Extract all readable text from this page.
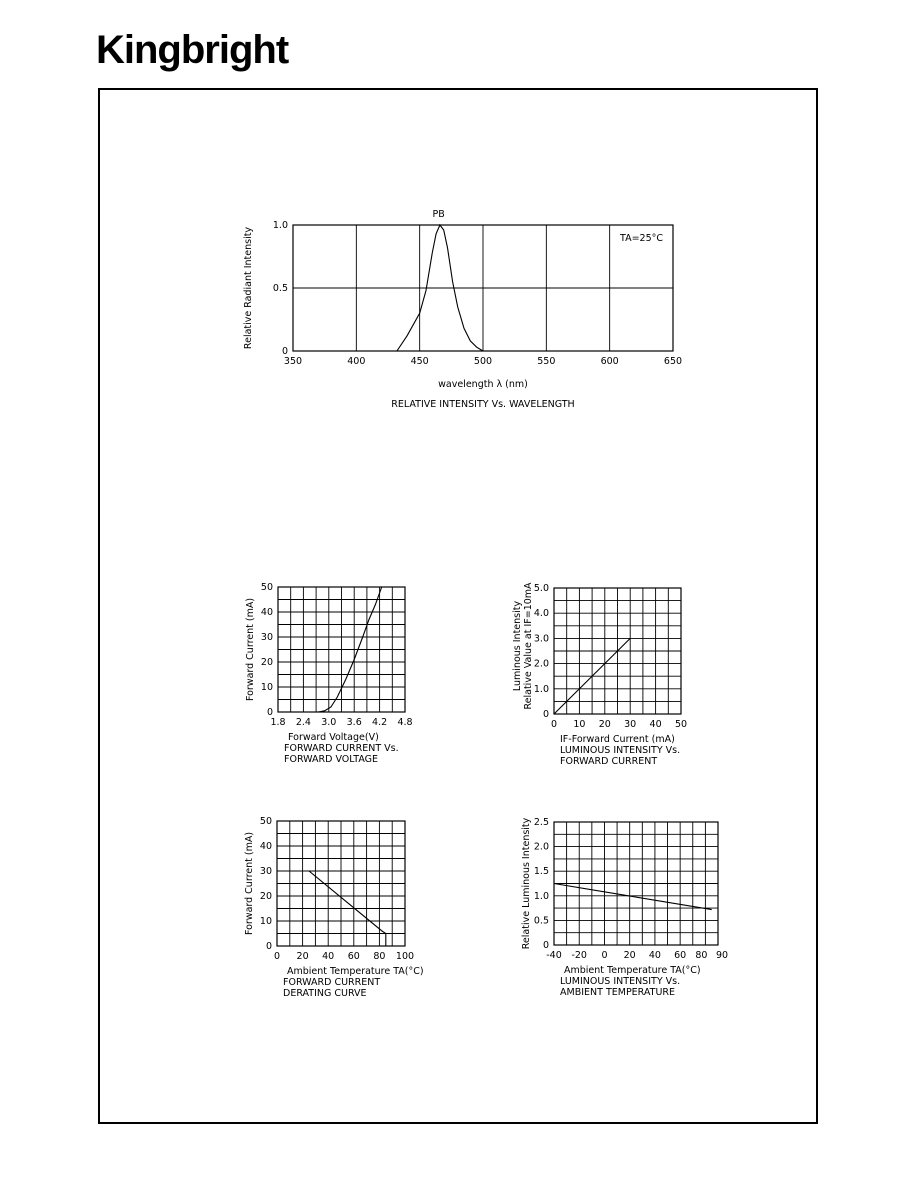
Kingbright
350	400	450	500	550	600	650
0
0.5
1.0
wavelength λ (nm)
RELATIVE INTENSITY Vs. WAVELENGTH
Relative Radiant Intensity
PB
TA=25°C
1.8 2.4 3.0 3.6 4.2 4.8
0
10
20
30
40
50
Forward Voltage(V)
FORWARD CURRENT Vs.
FORWARD VOLTAGE
Forward Current (mA)
0 10 20 30 40 50
0
1.0
2.0
3.0
4.0
5.0
IF-Forward Current (mA)
LUMINOUS INTENSITY Vs.
FORWARD CURRENT
Luminous Intensity Relative Value at IF=10mA
0 20 40 60 80 100
0
10
20
30
40
50
Ambient Temperature TA(°C)
FORWARD CURRENT
DERATING CURVE
Forward Current (mA)
-40 -20 0 20 40 60 80 90
0
0.5
1.0
1.5
2.0
2.5
Ambient Temperature TA(°C)
LUMINOUS INTENSITY Vs.
AMBIENT TEMPERATURE
Relative Luminous Intensity
